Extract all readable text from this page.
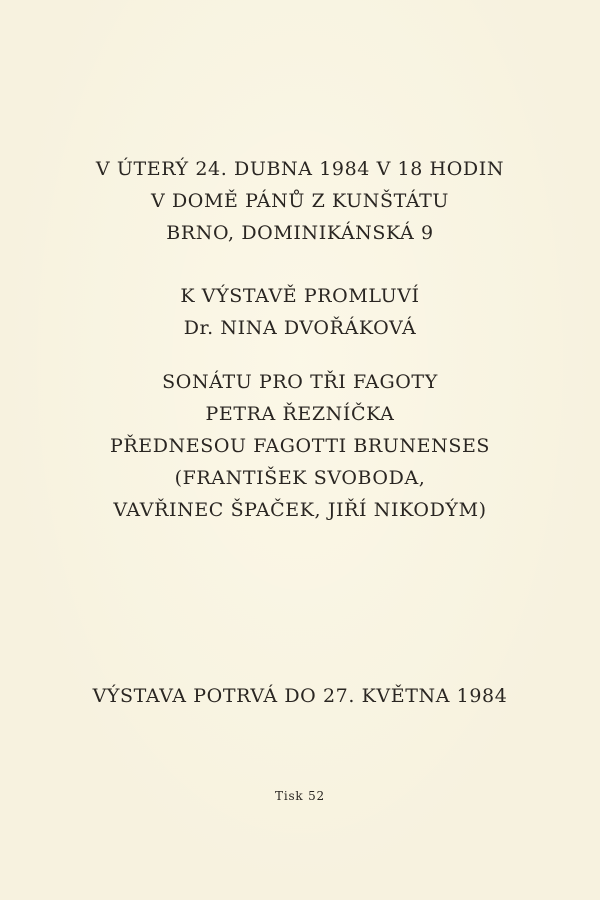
V ÚTERÝ 24. DUBNA 1984 V 18 HODIN
V DOMĚ PÁNŮ Z KUNŠTÁTU
BRNO, DOMINIKÁNSKÁ 9
K VÝSTAVĚ PROMLUVÍ
Dr. NINA DVOŘÁKOVÁ
SONÁTU PRO TŘI FAGOTY
PETRA ŘEZNÍČKA
PŘEDNESOU FAGOTTI BRUNENSES
(FRANTIŠEK SVOBODA,
VAVŘINEC ŠPAČEK, JIŘÍ NIKODÝM)
VÝSTAVA POTRVÁ DO 27. KVĚTNA 1984
Tisk 52
